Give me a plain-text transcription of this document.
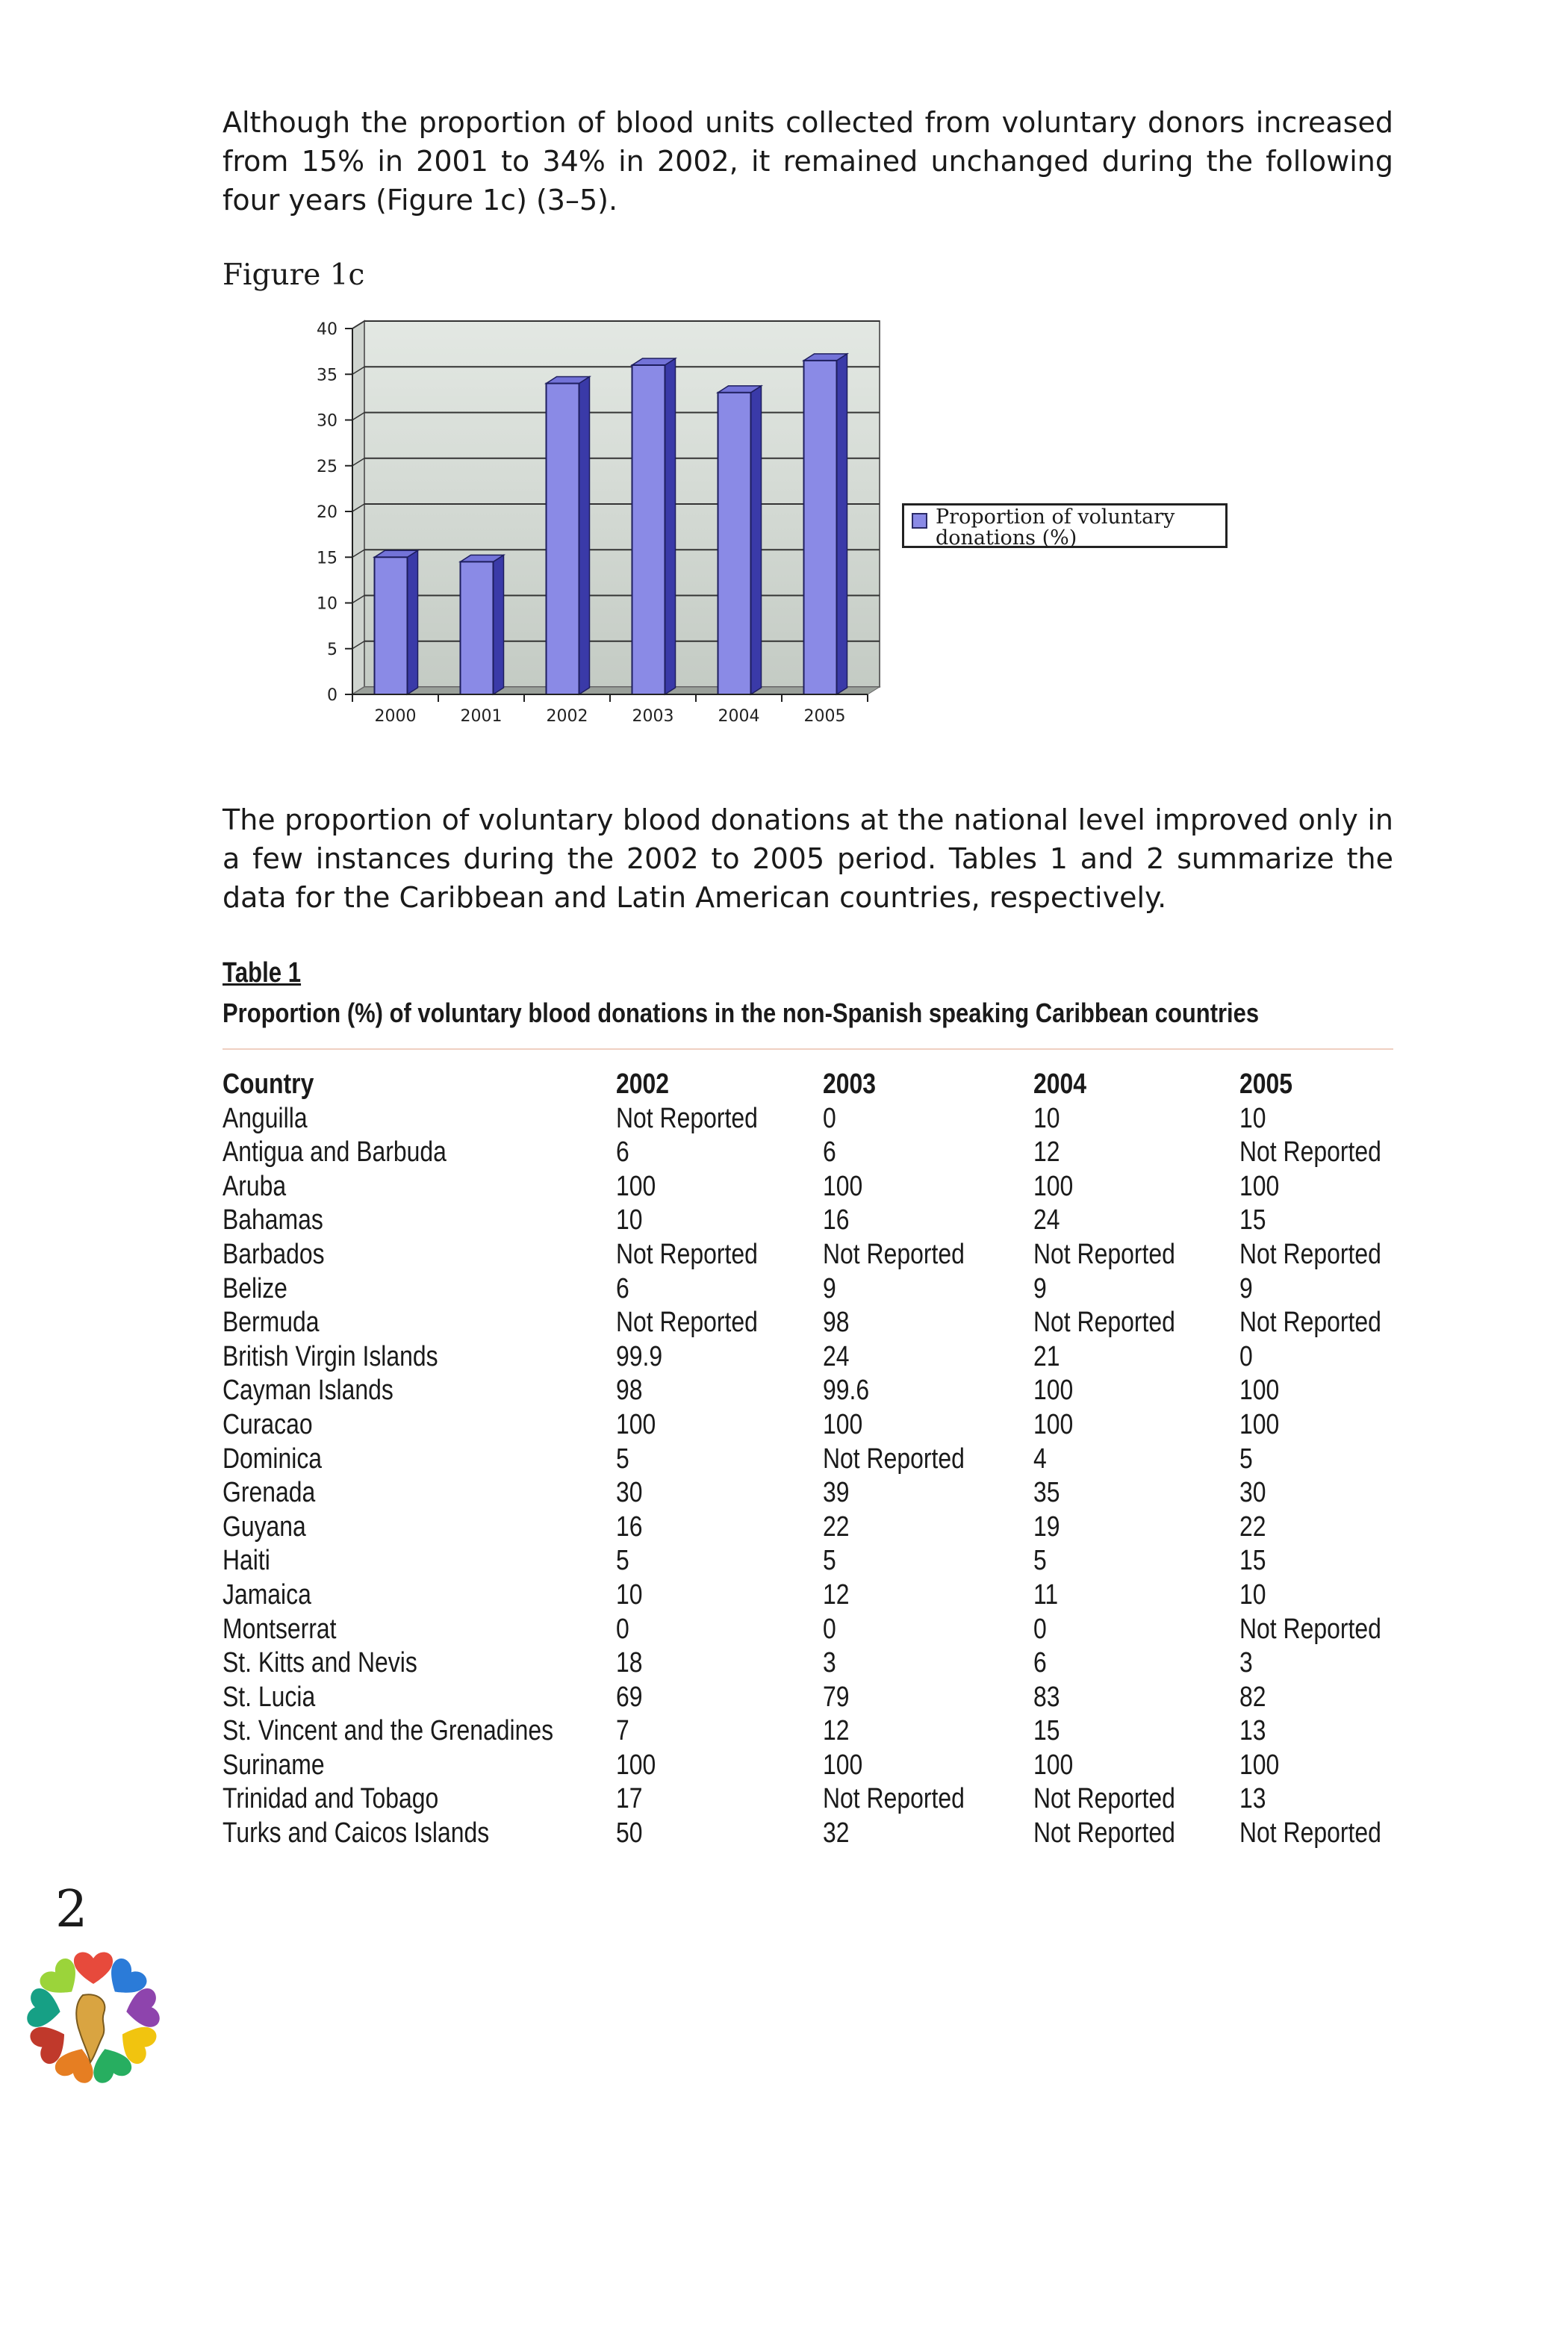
Although the proportion of blood units collected from voluntary donors increased from 15% in 2001 to 34% in 2002, it remained unchanged during the following four years (Figure 1c) (3–5).

Figure 1c

0
5
10
15
20
25
30
35
40
2000	2001	2002	2003	2004	2005
Proportion of voluntary donations (%)

The proportion of voluntary blood donations at the national level improved only in a few instances during the 2002 to 2005 period. Tables 1 and 2 summarize the data for the Caribbean and Latin American countries, respectively.

Table 1

Proportion (%) of voluntary blood donations in the non-Spanish speaking Caribbean countries

Country	2002	2003	2004	2005
Anguilla	Not Reported	0	10	10
Antigua and Barbuda	6	6	12	Not Reported
Aruba	100	100	100	100
Bahamas	10	16	24	15
Barbados	Not Reported	Not Reported	Not Reported	Not Reported
Belize	6	9	9	9
Bermuda	Not Reported	98	Not Reported	Not Reported
British Virgin Islands	99.9	24	21	0
Cayman Islands	98	99.6	100	100
Curacao	100	100	100	100
Dominica	5	Not Reported	4	5
Grenada	30	39	35	30
Guyana	16	22	19	22
Haiti	5	5	5	15
Jamaica	10	12	11	10
Montserrat	0	0	0	Not Reported
St. Kitts and Nevis	18	3	6	3
St. Lucia	69	79	83	82
St. Vincent and the Grenadines	7	12	15	13
Suriname	100	100	100	100
Trinidad and Tobago	17	Not Reported	Not Reported	13
Turks and Caicos Islands	50	32	Not Reported	Not Reported

2
